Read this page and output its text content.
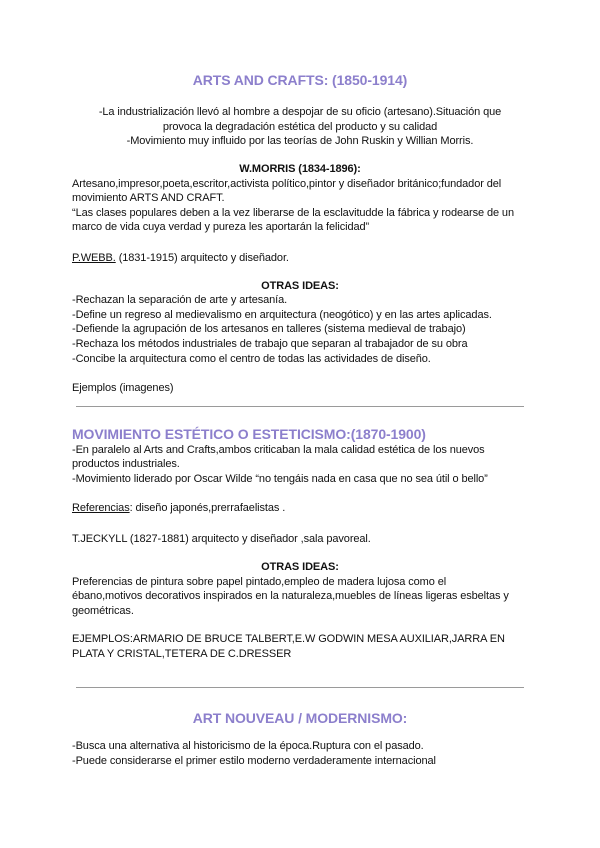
ARTS AND CRAFTS: (1850-1914)
-La industrialización llevó al hombre a despojar de su oficio (artesano).Situación que
provoca la degradación estética del producto y su calidad
-Movimiento muy influido por las teorías de John Ruskin y Willian Morris.
W.MORRIS (1834-1896):
Artesano,impresor,poeta,escritor,activista político,pintor y diseñador británico;fundador del
movimiento ARTS AND CRAFT.
“Las clases populares deben a la vez liberarse de la esclavitudde la fábrica y rodearse de un
marco de vida cuya verdad y pureza les aportarán la felicidad”
P.WEBB. (1831-1915) arquitecto y diseñador.
OTRAS IDEAS:
-Rechazan la separación de arte y artesanía.
-Define un regreso al medievalismo en arquitectura (neogótico) y en las artes aplicadas.
-Defiende la agrupación de los artesanos en talleres (sistema medieval de trabajo)
-Rechaza los métodos industriales de trabajo que separan al trabajador de su obra
-Concibe la arquitectura como el centro de todas las actividades de diseño.
Ejemplos (imagenes)
MOVIMIENTO ESTÉTICO O ESTETICISMO:(1870-1900)
-En paralelo al Arts and Crafts,ambos criticaban la mala calidad estética de los nuevos
productos industriales.
-Movimiento liderado por Oscar Wilde “no tengáis nada en casa que no sea útil o bello”
Referencias: diseño japonés,prerrafaelistas .
T.JECKYLL (1827-1881) arquitecto y diseñador ,sala pavoreal.
OTRAS IDEAS:
Preferencias de pintura sobre papel pintado,empleo de madera lujosa como el
ébano,motivos decorativos inspirados en la naturaleza,muebles de líneas ligeras esbeltas y
geométricas.
EJEMPLOS:ARMARIO DE BRUCE TALBERT,E.W GODWIN MESA AUXILIAR,JARRA EN
PLATA Y CRISTAL,TETERA DE C.DRESSER
ART NOUVEAU / MODERNISMO:
-Busca una alternativa al historicismo de la época.Ruptura con el pasado.
-Puede considerarse el primer estilo moderno verdaderamente internacional
